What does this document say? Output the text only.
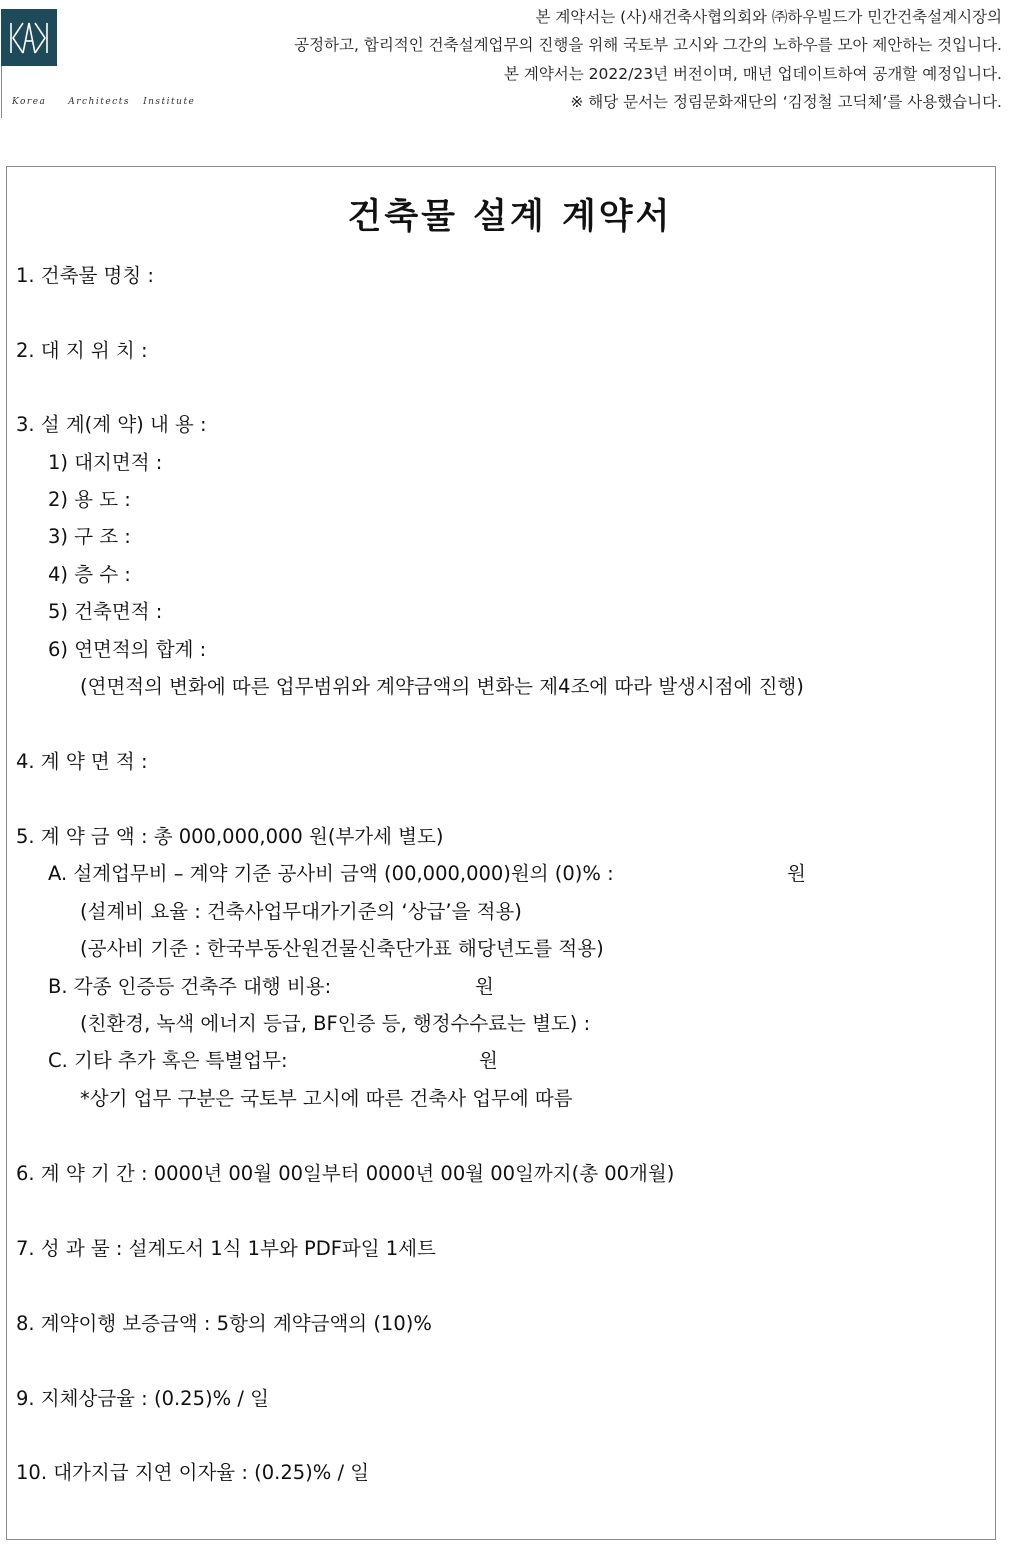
Korea Architects Institute
본 계약서는 (사)새건축사협의회와 ㈜하우빌드가 민간건축설계시장의
공정하고, 합리적인 건축설계업무의 진행을 위해 국토부 고시와 그간의 노하우를 모아 제안하는 것입니다.
본 계약서는 2022/23년 버전이며, 매년 업데이트하여 공개할 예정입니다.
※ 해당 문서는 정림문화재단의 ‘김정철 고딕체’를 사용했습니다.
건축물 설계 계약서
1. 건축물 명칭 :
2. 대 지 위 치 :
3. 설 계(계 약) 내 용 :
1) 대지면적 :
2) 용 도 :
3) 구 조 :
4) 층 수 :
5) 건축면적 :
6) 연면적의 합계 :
(연면적의 변화에 따른 업무범위와 계약금액의 변화는 제4조에 따라 발생시점에 진행)
4. 계 약 면 적 :
5. 계 약 금 액 : 총 000,000,000 원(부가세 별도)
A. 설계업무비 – 계약 기준 공사비 금액 (00,000,000)원의 (0)% :	원
(설계비 요율 : 건축사업무대가기준의 ‘상급’을 적용)
(공사비 기준 : 한국부동산원건물신축단가표 해당년도를 적용)
B. 각종 인증등 건축주 대행 비용:	원
(친환경, 녹색 에너지 등급, BF인증 등, 행정수수료는 별도) :
C. 기타 추가 혹은 특별업무:	원
*상기 업무 구분은 국토부 고시에 따른 건축사 업무에 따름
6. 계 약 기 간 : 0000년 00월 00일부터 0000년 00월 00일까지(총 00개월)
7. 성 과 물 : 설계도서 1식 1부와 PDF파일 1세트
8. 계약이행 보증금액 : 5항의 계약금액의 (10)%
9. 지체상금율 : (0.25)% / 일
10. 대가지급 지연 이자율 : (0.25)% / 일
